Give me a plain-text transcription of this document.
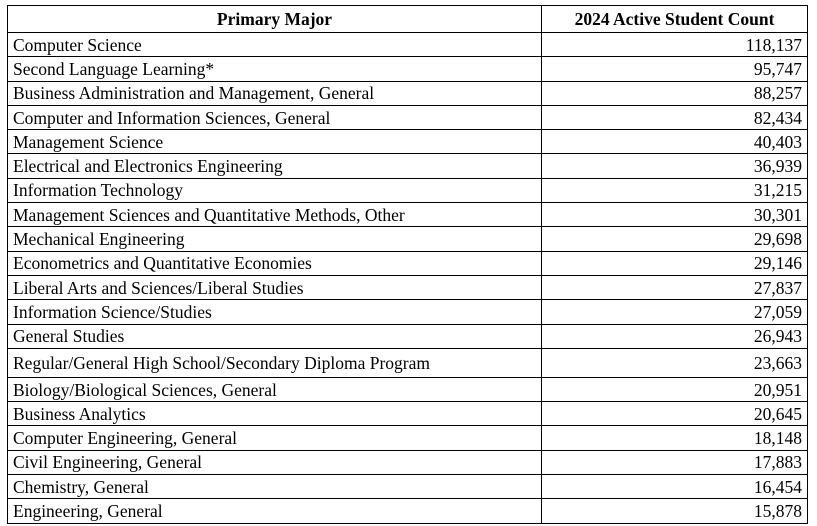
Primary Major	2024 Active Student Count
Computer Science	118,137
Second Language Learning*	95,747
Business Administration and Management, General	88,257
Computer and Information Sciences, General	82,434
Management Science	40,403
Electrical and Electronics Engineering	36,939
Information Technology	31,215
Management Sciences and Quantitative Methods, Other	30,301
Mechanical Engineering	29,698
Econometrics and Quantitative Economies	29,146
Liberal Arts and Sciences/Liberal Studies	27,837
Information Science/Studies	27,059
General Studies	26,943
Regular/General High School/Secondary Diploma Program	23,663
Biology/Biological Sciences, General	20,951
Business Analytics	20,645
Computer Engineering, General	18,148
Civil Engineering, General	17,883
Chemistry, General	16,454
Engineering, General	15,878
